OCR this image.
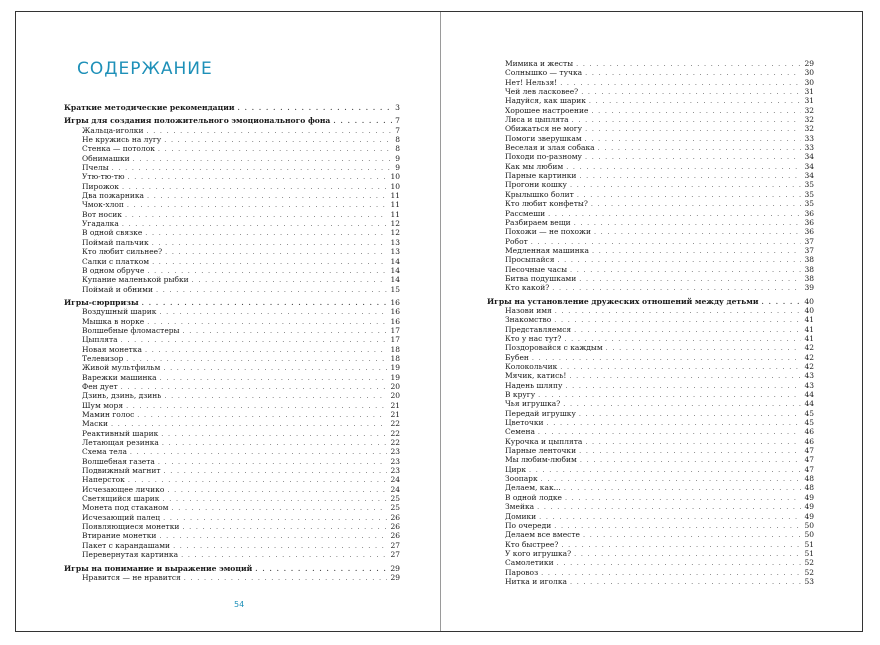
СОДЕРЖАНИЕ
Краткие методические рекомендации . . .	3
Игры для создания положительного эмоционального фона . . .	7
Жальца-иголки . . .	7
Не кружись на лугу . . .	8
Стенка — потолок . . .	8
Обнимашки . . .	9
Пчелы . . .	9
Утю-тю-тю . . .	10
Пирожок . . .	10
Два пожарника . . .	11
Чмок-хлоп . . .	11
Вот носик . . .	11
Угадалка . . .	12
В одной связке . . .	12
Поймай пальчик . . .	13
Кто любит сильнее? . . .	13
Салки с платком . . .	14
В одном обруче . . .	14
Купание маленькой рыбки . . .	14
Поймай и обними . . .	15
Игры-сюрпризы . . .	16
Воздушный шарик . . .	16
Мышка в норке . . .	16
Волшебные фломастеры . . .	17
Цыплята . . .	17
Новая монетка . . .	18
Телевизор . . .	18
Живой мультфильм . . .	19
Варежки машинка . . .	19
Фен дует . . .	20
Дзинь, дзинь, дзинь . . .	20
Шум моря . . .	21
Мамин голос . . .	21
Маски . . .	22
Реактивный шарик . . .	22
Летающая резинка . . .	22
Схема тела . . .	23
Волшебная газета . . .	23
Подвижный магнит . . .	23
Наперсток . . .	24
Исчезающее личико . . .	24
Светящийся шарик . . .	25
Монета под стаканом . . .	25
Исчезающий палец . . .	26
Появляющиеся монетки . . .	26
Втирание монетки . . .	26
Пакет с карандашами . . .	27
Перевернутая картинка . . .	27
Игры на понимание и выражение эмоций . . .	29
Нравится — не нравится . . .	29
Мимика и жесты . . .	29
Солнышко — тучка . . .	30
Нет! Нельзя! . . .	30
Чей лев ласковее? . . .	31
Надуйся, как шарик . . .	31
Хорошее настроение . . .	32
Лиса и цыплята . . .	32
Обижаться не могу . . .	32
Помоги зверушкам . . .	33
Веселая и злая собака . . .	33
Походи по-разному . . .	34
Как мы любим . . .	34
Парные картинки . . .	34
Прогони кошку . . .	35
Крылышко болит . . .	35
Кто любит конфеты? . . .	35
Рассмеши . . .	36
Разбираем вещи . . .	36
Похожи — не похожи . . .	36
Робот . . .	37
Медленная машинка . . .	37
Просыпайся . . .	38
Песочные часы . . .	38
Битва подушками . . .	38
Кто какой? . . .	39
Игры на установление дружеских отношений между детьми . . .	40
Назови имя . . .	40
Знакомство . . .	41
Представляемся . . .	41
Кто у нас тут? . . .	41
Поздоровайся с каждым . . .	42
Бубен . . .	42
Колокольчик . . .	42
Мячик, катись! . . .	43
Надень шляпу . . .	43
В кругу . . .	44
Чья игрушка? . . .	44
Передай игрушку . . .	45
Цветочки . . .	45
Семена . . .	46
Курочка и цыплята . . .	46
Парные ленточки . . .	47
Мы любим-любим . . .	47
Цирк . . .	47
Зоопарк . . .	48
Делаем, как... . . .	48
В одной лодке . . .	49
Змейка . . .	49
Домики . . .	49
По очереди . . .	50
Делаем все вместе . . .	50
Кто быстрее? . . .	51
У кого игрушка? . . .	51
Самолетики . . .	52
Паровоз . . .	52
Нитка и иголка . . .	53
54
